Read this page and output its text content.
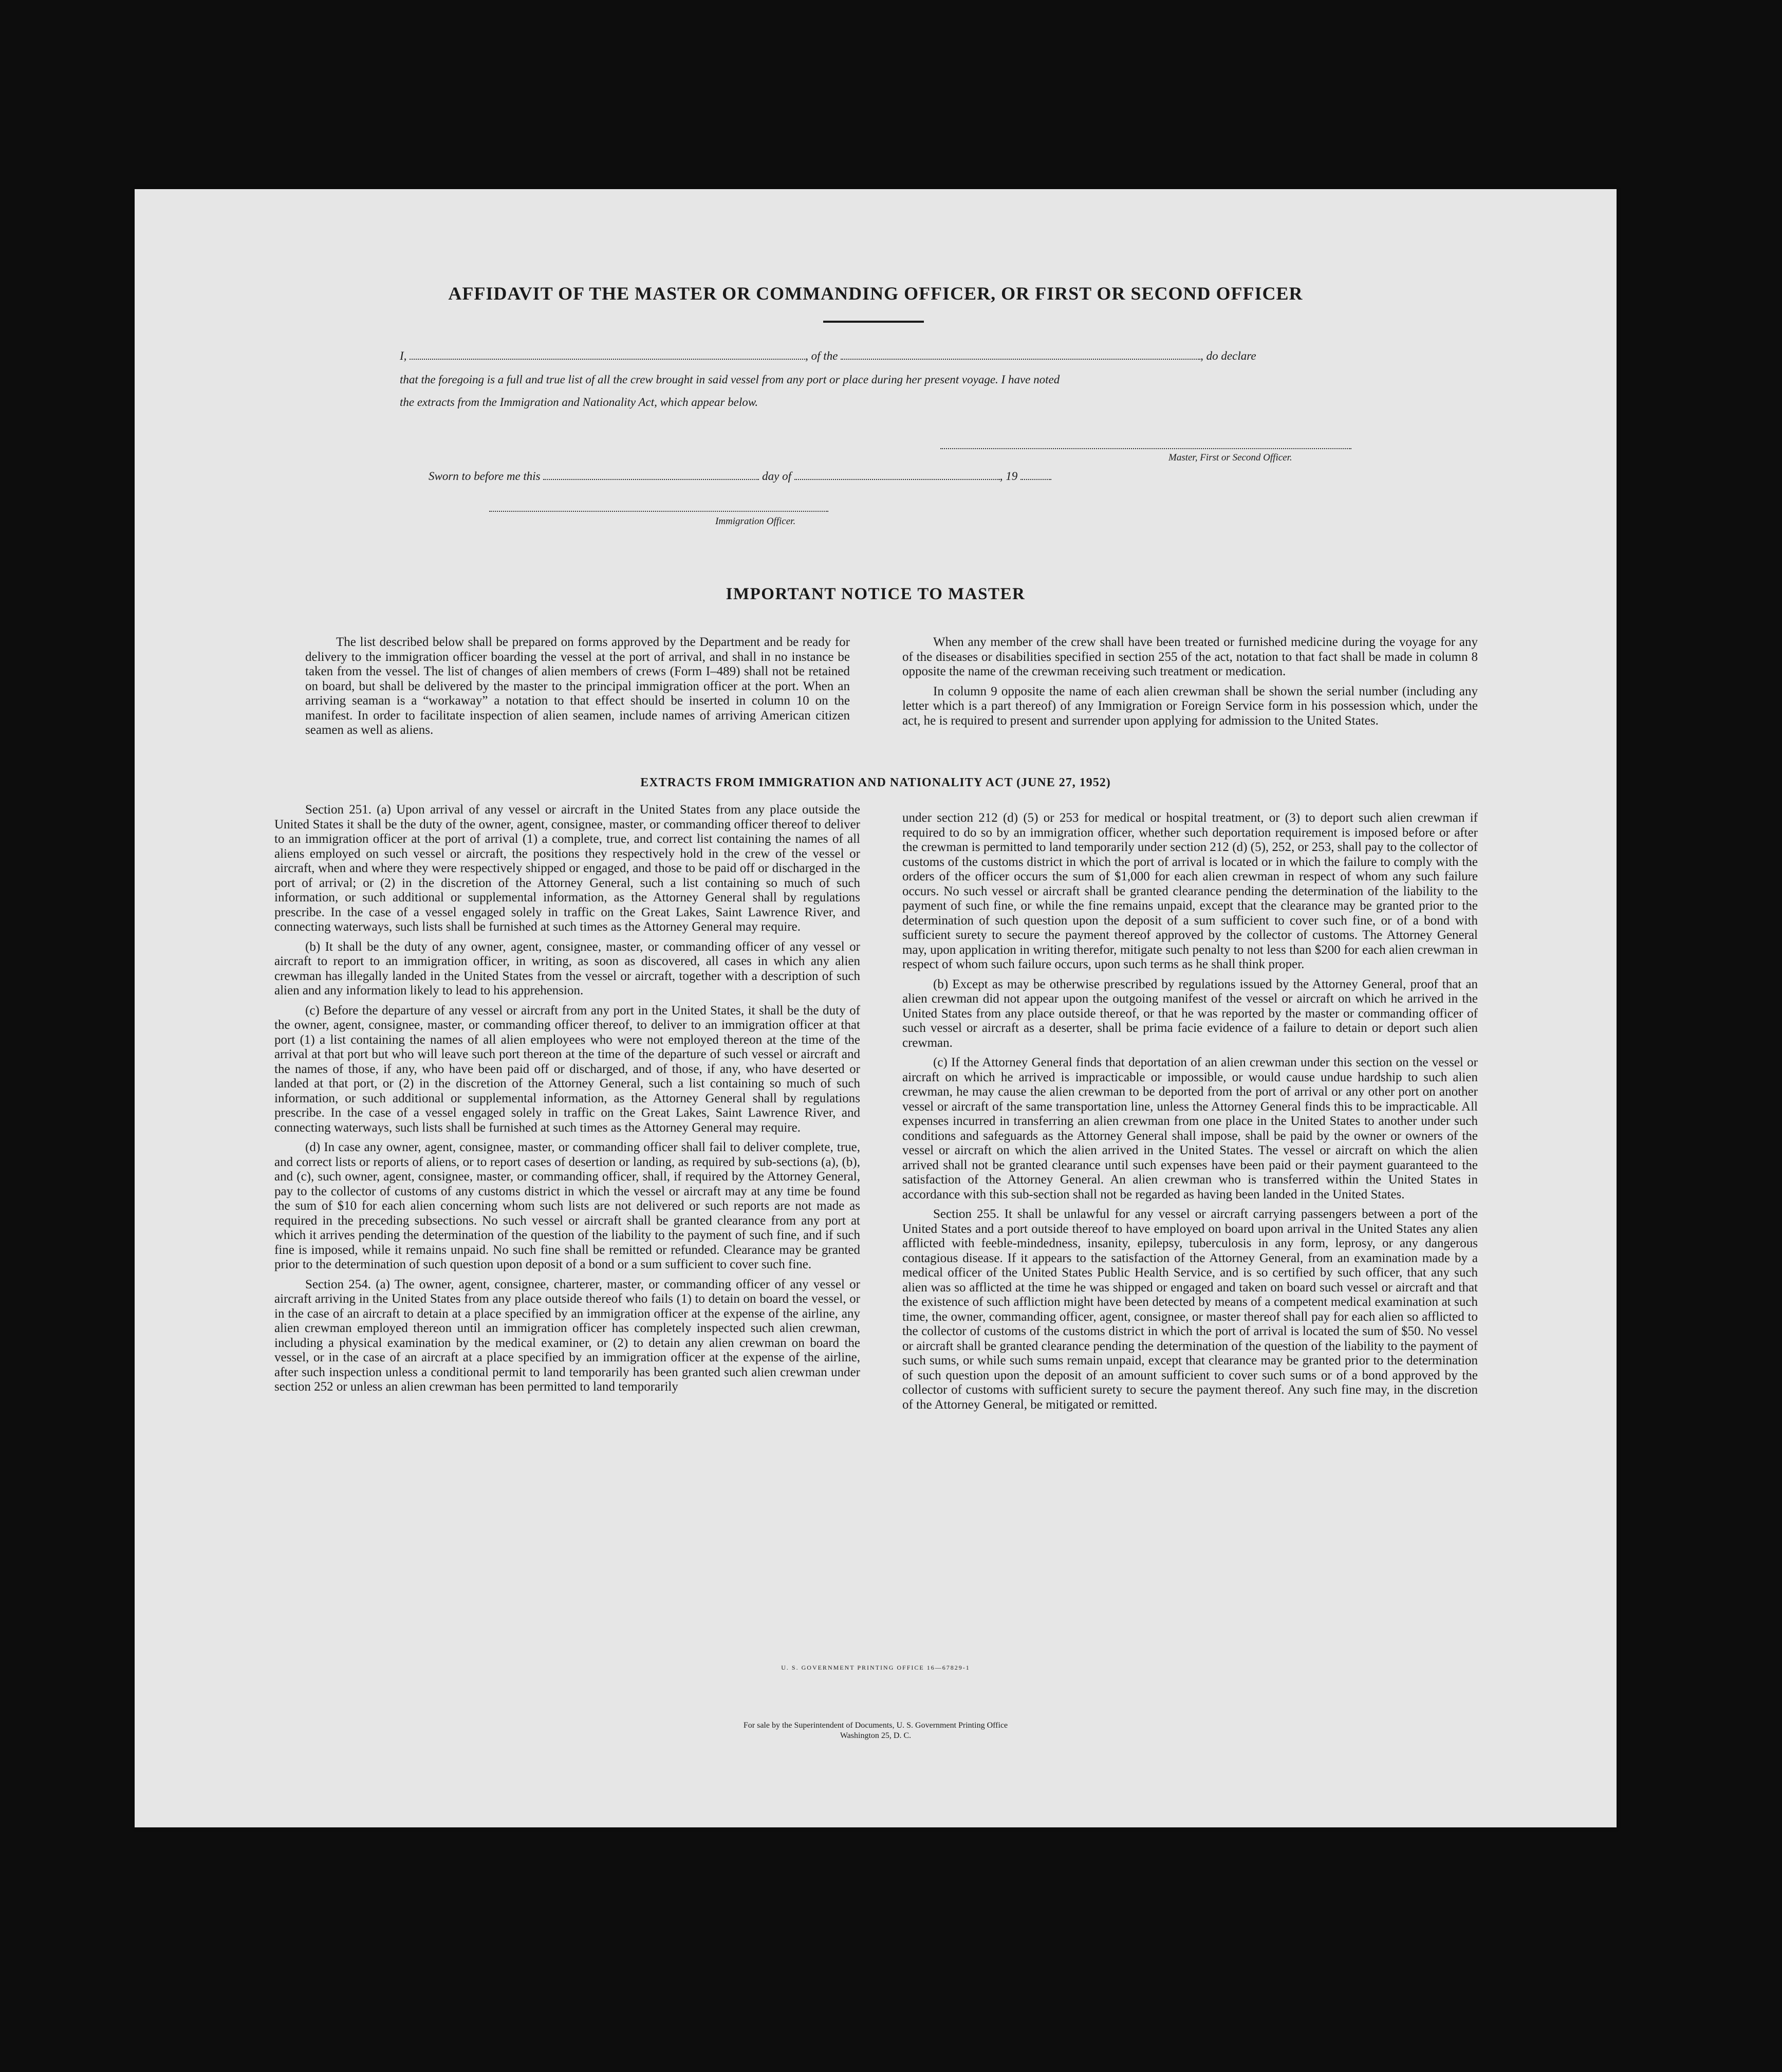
AFFIDAVIT OF THE MASTER OR COMMANDING OFFICER, OR FIRST OR SECOND OFFICER
I,	, of the	, do declare
that the foregoing is a full and true list of all the crew brought in said vessel from any port or place during her present voyage. I have noted
the extracts from the Immigration and Nationality Act, which appear below.
Master, First or Second Officer.
Sworn to before me this	day of	, 19
Immigration Officer.
IMPORTANT NOTICE TO MASTER

The list described below shall be prepared on forms approved by the Department and be ready for delivery to the immigration officer boarding the vessel at the port of arrival, and shall in no instance be taken from the vessel. The list of changes of alien members of crews (Form I–489) shall not be retained on board, but shall be delivered by the master to the principal immigration officer at the port. When an arriving seaman is a “workaway” a notation to that effect should be inserted in column 10 on the manifest. In order to facilitate inspection of alien seamen, include names of arriving American citizen seamen as well as aliens.

When any member of the crew shall have been treated or furnished medicine during the voyage for any of the diseases or disabilities specified in section 255 of the act, notation to that fact shall be made in column 8 opposite the name of the crewman receiving such treatment or medication.

In column 9 opposite the name of each alien crewman shall be shown the serial number (including any letter which is a part thereof) of any Immigration or Foreign Service form in his possession which, under the act, he is required to present and surrender upon applying for admission to the United States.

EXTRACTS FROM IMMIGRATION AND NATIONALITY ACT (JUNE 27, 1952)

Section 251. (a) Upon arrival of any vessel or aircraft in the United States from any place outside the United States it shall be the duty of the owner, agent, consignee, master, or commanding officer thereof to deliver to an immigration officer at the port of arrival (1) a complete, true, and correct list containing the names of all aliens employed on such vessel or aircraft, the positions they respectively hold in the crew of the vessel or aircraft, when and where they were respectively shipped or engaged, and those to be paid off or discharged in the port of arrival; or (2) in the discretion of the Attorney General, such a list containing so much of such information, or such additional or supplemental information, as the Attorney General shall by regulations prescribe. In the case of a vessel engaged solely in traffic on the Great Lakes, Saint Lawrence River, and connecting waterways, such lists shall be furnished at such times as the Attorney General may require.

(b) It shall be the duty of any owner, agent, consignee, master, or commanding officer of any vessel or aircraft to report to an immigration officer, in writing, as soon as discovered, all cases in which any alien crewman has illegally landed in the United States from the vessel or aircraft, together with a description of such alien and any information likely to lead to his apprehension.

(c) Before the departure of any vessel or aircraft from any port in the United States, it shall be the duty of the owner, agent, consignee, master, or commanding officer thereof, to deliver to an immigration officer at that port (1) a list containing the names of all alien employees who were not employed thereon at the time of the arrival at that port but who will leave such port thereon at the time of the departure of such vessel or aircraft and the names of those, if any, who have been paid off or discharged, and of those, if any, who have deserted or landed at that port, or (2) in the discretion of the Attorney General, such a list containing so much of such information, or such additional or supplemental information, as the Attorney General shall by regulations prescribe. In the case of a vessel engaged solely in traffic on the Great Lakes, Saint Lawrence River, and connecting waterways, such lists shall be furnished at such times as the Attorney General may require.

(d) In case any owner, agent, consignee, master, or commanding officer shall fail to deliver complete, true, and correct lists or reports of aliens, or to report cases of desertion or landing, as required by sub-sections (a), (b), and (c), such owner, agent, consignee, master, or commanding officer, shall, if required by the Attorney General, pay to the collector of customs of any customs district in which the vessel or aircraft may at any time be found the sum of $10 for each alien concerning whom such lists are not delivered or such reports are not made as required in the preceding subsections. No such vessel or aircraft shall be granted clearance from any port at which it arrives pending the determination of the question of the liability to the payment of such fine, and if such fine is imposed, while it remains unpaid. No such fine shall be remitted or refunded. Clearance may be granted prior to the determination of such question upon deposit of a bond or a sum sufficient to cover such fine.

Section 254. (a) The owner, agent, consignee, charterer, master, or commanding officer of any vessel or aircraft arriving in the United States from any place outside thereof who fails (1) to detain on board the vessel, or in the case of an aircraft to detain at a place specified by an immigration officer at the expense of the airline, any alien crewman employed thereon until an immigration officer has completely inspected such alien crewman, including a physical examination by the medical examiner, or (2) to detain any alien crewman on board the vessel, or in the case of an aircraft at a place specified by an immigration officer at the expense of the airline, after such inspection unless a conditional permit to land temporarily has been granted such alien crewman under section 252 or unless an alien crewman has been permitted to land temporarily

under section 212 (d) (5) or 253 for medical or hospital treatment, or (3) to deport such alien crewman if required to do so by an immigration officer, whether such deportation requirement is imposed before or after the crewman is permitted to land temporarily under section 212 (d) (5), 252, or 253, shall pay to the collector of customs of the customs district in which the port of arrival is located or in which the failure to comply with the orders of the officer occurs the sum of $1,000 for each alien crewman in respect of whom any such failure occurs. No such vessel or aircraft shall be granted clearance pending the determination of the liability to the payment of such fine, or while the fine remains unpaid, except that the clearance may be granted prior to the determination of such question upon the deposit of a sum sufficient to cover such fine, or of a bond with sufficient surety to secure the payment thereof approved by the collector of customs. The Attorney General may, upon application in writing therefor, mitigate such penalty to not less than $200 for each alien crewman in respect of whom such failure occurs, upon such terms as he shall think proper.

(b) Except as may be otherwise prescribed by regulations issued by the Attorney General, proof that an alien crewman did not appear upon the outgoing manifest of the vessel or aircraft on which he arrived in the United States from any place outside thereof, or that he was reported by the master or commanding officer of such vessel or aircraft as a deserter, shall be prima facie evidence of a failure to detain or deport such alien crewman.

(c) If the Attorney General finds that deportation of an alien crewman under this section on the vessel or aircraft on which he arrived is impracticable or impossible, or would cause undue hardship to such alien crewman, he may cause the alien crewman to be deported from the port of arrival or any other port on another vessel or aircraft of the same transportation line, unless the Attorney General finds this to be impracticable. All expenses incurred in transferring an alien crewman from one place in the United States to another under such conditions and safeguards as the Attorney General shall impose, shall be paid by the owner or owners of the vessel or aircraft on which the alien arrived in the United States. The vessel or aircraft on which the alien arrived shall not be granted clearance until such expenses have been paid or their payment guaranteed to the satisfaction of the Attorney General. An alien crewman who is transferred within the United States in accordance with this sub-section shall not be regarded as having been landed in the United States.

Section 255. It shall be unlawful for any vessel or aircraft carrying passengers between a port of the United States and a port outside thereof to have employed on board upon arrival in the United States any alien afflicted with feeble-mindedness, insanity, epilepsy, tuberculosis in any form, leprosy, or any dangerous contagious disease. If it appears to the satisfaction of the Attorney General, from an examination made by a medical officer of the United States Public Health Service, and is so certified by such officer, that any such alien was so afflicted at the time he was shipped or engaged and taken on board such vessel or aircraft and that the existence of such affliction might have been detected by means of a competent medical examination at such time, the owner, commanding officer, agent, consignee, or master thereof shall pay for each alien so afflicted to the collector of customs of the customs district in which the port of arrival is located the sum of $50. No vessel or aircraft shall be granted clearance pending the determination of the question of the liability to the payment of such sums, or while such sums remain unpaid, except that clearance may be granted prior to the determination of such question upon the deposit of an amount sufficient to cover such sums or of a bond approved by the collector of customs with sufficient surety to secure the payment thereof. Any such fine may, in the discretion of the Attorney General, be mitigated or remitted.

U. S. GOVERNMENT PRINTING OFFICE 16—67829-1
For sale by the Superintendent of Documents, U. S. Government Printing Office
Washington 25, D. C.
